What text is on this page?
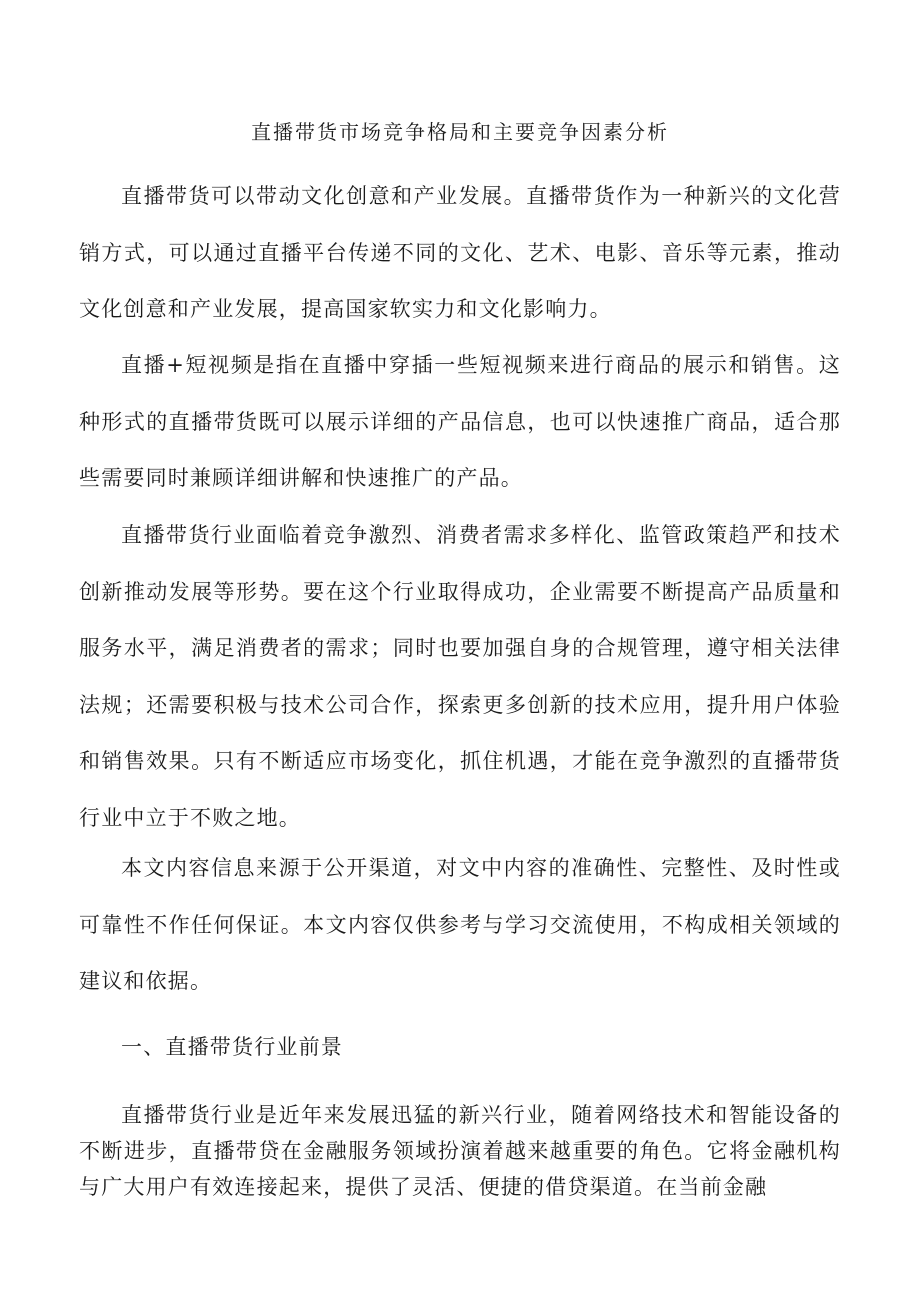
直播带货市场竞争格局和主要竞争因素分析

直播带货可以带动文化创意和产业发展。直播带货作为一种新兴的文化营销方式，可以通过直播平台传递不同的文化、艺术、电影、音乐等元素，推动文化创意和产业发展，提高国家软实力和文化影响力。

直播+短视频是指在直播中穿插一些短视频来进行商品的展示和销售。这种形式的直播带货既可以展示详细的产品信息，也可以快速推广商品，适合那些需要同时兼顾详细讲解和快速推广的产品。

直播带货行业面临着竞争激烈、消费者需求多样化、监管政策趋严和技术创新推动发展等形势。要在这个行业取得成功，企业需要不断提高产品质量和服务水平，满足消费者的需求；同时也要加强自身的合规管理，遵守相关法律法规；还需要积极与技术公司合作，探索更多创新的技术应用，提升用户体验和销售效果。只有不断适应市场变化，抓住机遇，才能在竞争激烈的直播带货行业中立于不败之地。

本文内容信息来源于公开渠道，对文中内容的准确性、完整性、及时性或可靠性不作任何保证。本文内容仅供参考与学习交流使用，不构成相关领域的建议和依据。

一、直播带货行业前景

直播带货行业是近年来发展迅猛的新兴行业，随着网络技术和智能设备的不断进步，直播带贷在金融服务领域扮演着越来越重要的角色。它将金融机构与广大用户有效连接起来，提供了灵活、便捷的借贷渠道。在当前金融
